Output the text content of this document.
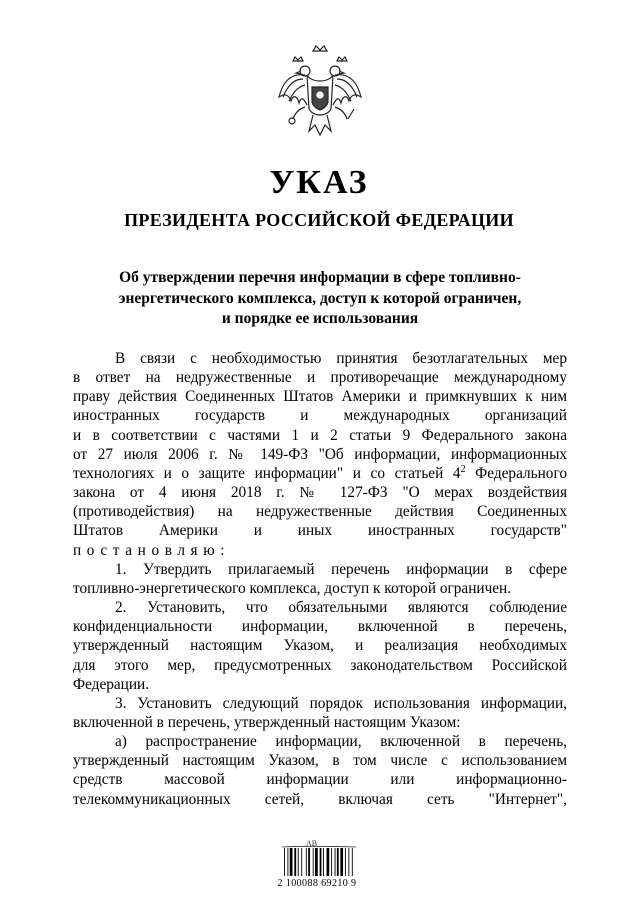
УКАЗ
ПРЕЗИДЕНТА РОССИЙСКОЙ ФЕДЕРАЦИИ
Об утверждении перечня информации в сфере топливно-
энергетического комплекса, доступ к которой ограничен,
и порядке ее использования
В связи с необходимостью принятия безотлагательных мер
в ответ на недружественные и противоречащие международному
праву действия Соединенных Штатов Америки и примкнувших к ним
иностранных государств и международных организаций
и в соответствии с частями 1 и 2 статьи 9 Федерального закона
от 27 июля 2006 г. № 149-ФЗ "Об информации, информационных
технологиях и о защите информации" и со статьей $4^2$ Федерального
закона от 4 июня 2018 г. № 127-ФЗ "О мерах воздействия
(противодействия) на недружественные действия Соединенных
Штатов Америки и иных иностранных государств"
постановляю:
1. Утвердить прилагаемый перечень информации в сфере
топливно-энергетического комплекса, доступ к которой ограничен.
2. Установить, что обязательными являются соблюдение
конфиденциальности информации, включенной в перечень,
утвержденный настоящим Указом, и реализация необходимых
для этого мер, предусмотренных законодательством Российской
Федерации.
3. Установить следующий порядок использования информации,
включенной в перечень, утвержденный настоящим Указом:
а) распространение информации, включенной в перечень,
утвержденный настоящим Указом, в том числе с использованием
средств массовой информации или информационно-
телекоммуникационных сетей, включая сеть "Интернет",
АВ
2 100088 69210 9
